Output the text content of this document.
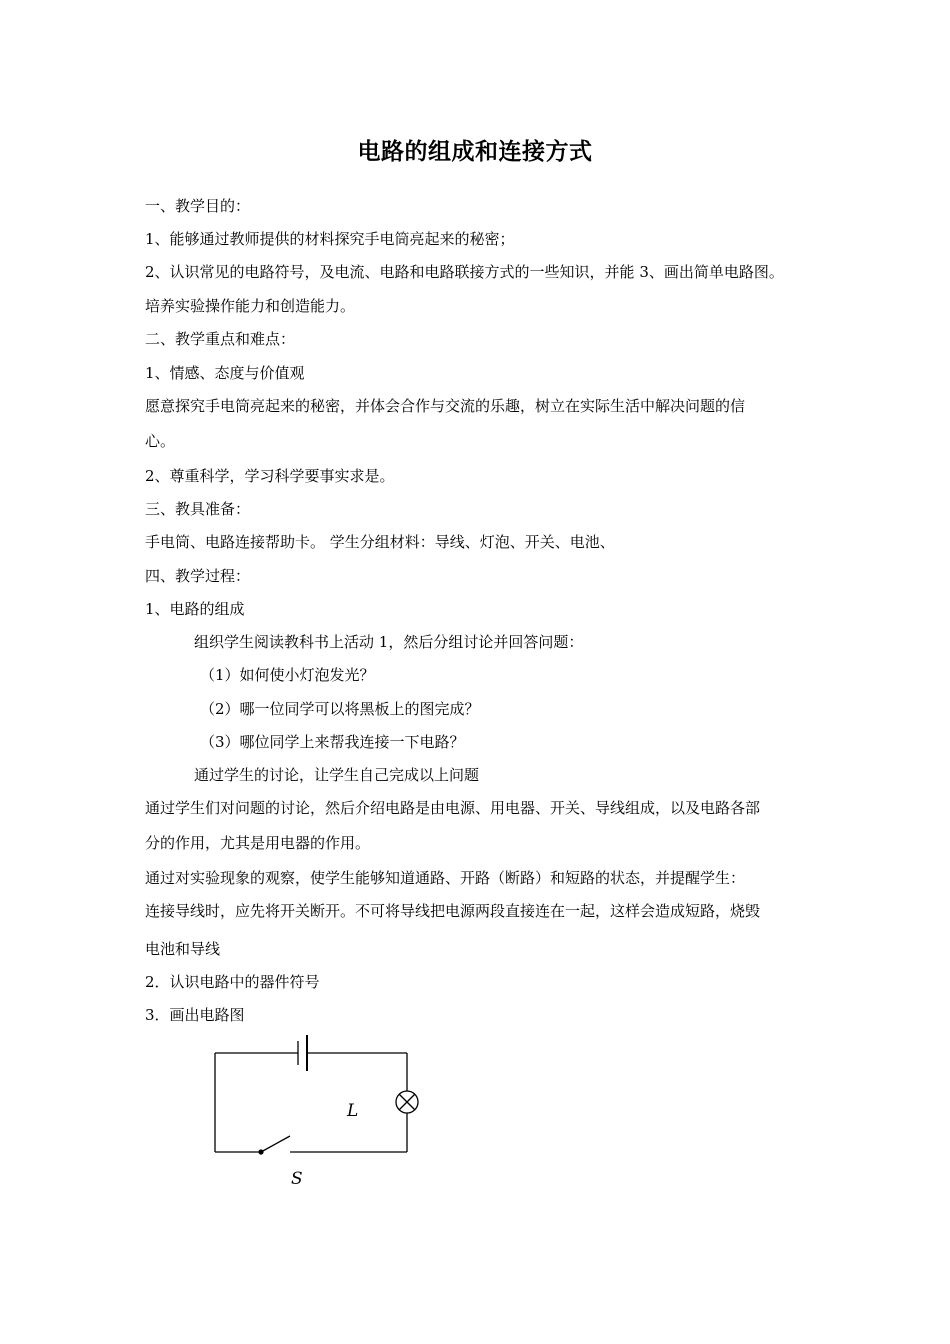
电路的组成和连接方式
一、教学目的：
1、能够通过教师提供的材料探究手电筒亮起来的秘密；
2、认识常见的电路符号，及电流、电路和电路联接方式的一些知识，并能 3、画出简单电路图。
培养实验操作能力和创造能力。
二、教学重点和难点：
1、情感、态度与价值观
愿意探究手电筒亮起来的秘密，并体会合作与交流的乐趣，树立在实际生活中解决问题的信
心。
2、尊重科学，学习科学要事实求是。
三、教具准备：
手电筒、电路连接帮助卡。 学生分组材料：导线、灯泡、开关、电池、
四、教学过程：
1、电路的组成
组织学生阅读教科书上活动 1，然后分组讨论并回答问题：
（1）如何使小灯泡发光？
（2）哪一位同学可以将黑板上的图完成？
（3）哪位同学上来帮我连接一下电路？
通过学生的讨论，让学生自己完成以上问题
通过学生们对问题的讨论，然后介绍电路是由电源、用电器、开关、导线组成，以及电路各部
分的作用，尤其是用电器的作用。
通过对实验现象的观察，使学生能够知道通路、开路（断路）和短路的状态，并提醒学生：
连接导线时，应先将开关断开。不可将导线把电源两段直接连在一起，这样会造成短路，烧毁
电池和导线
2．认识电路中的器件符号
3．画出电路图
L
S
